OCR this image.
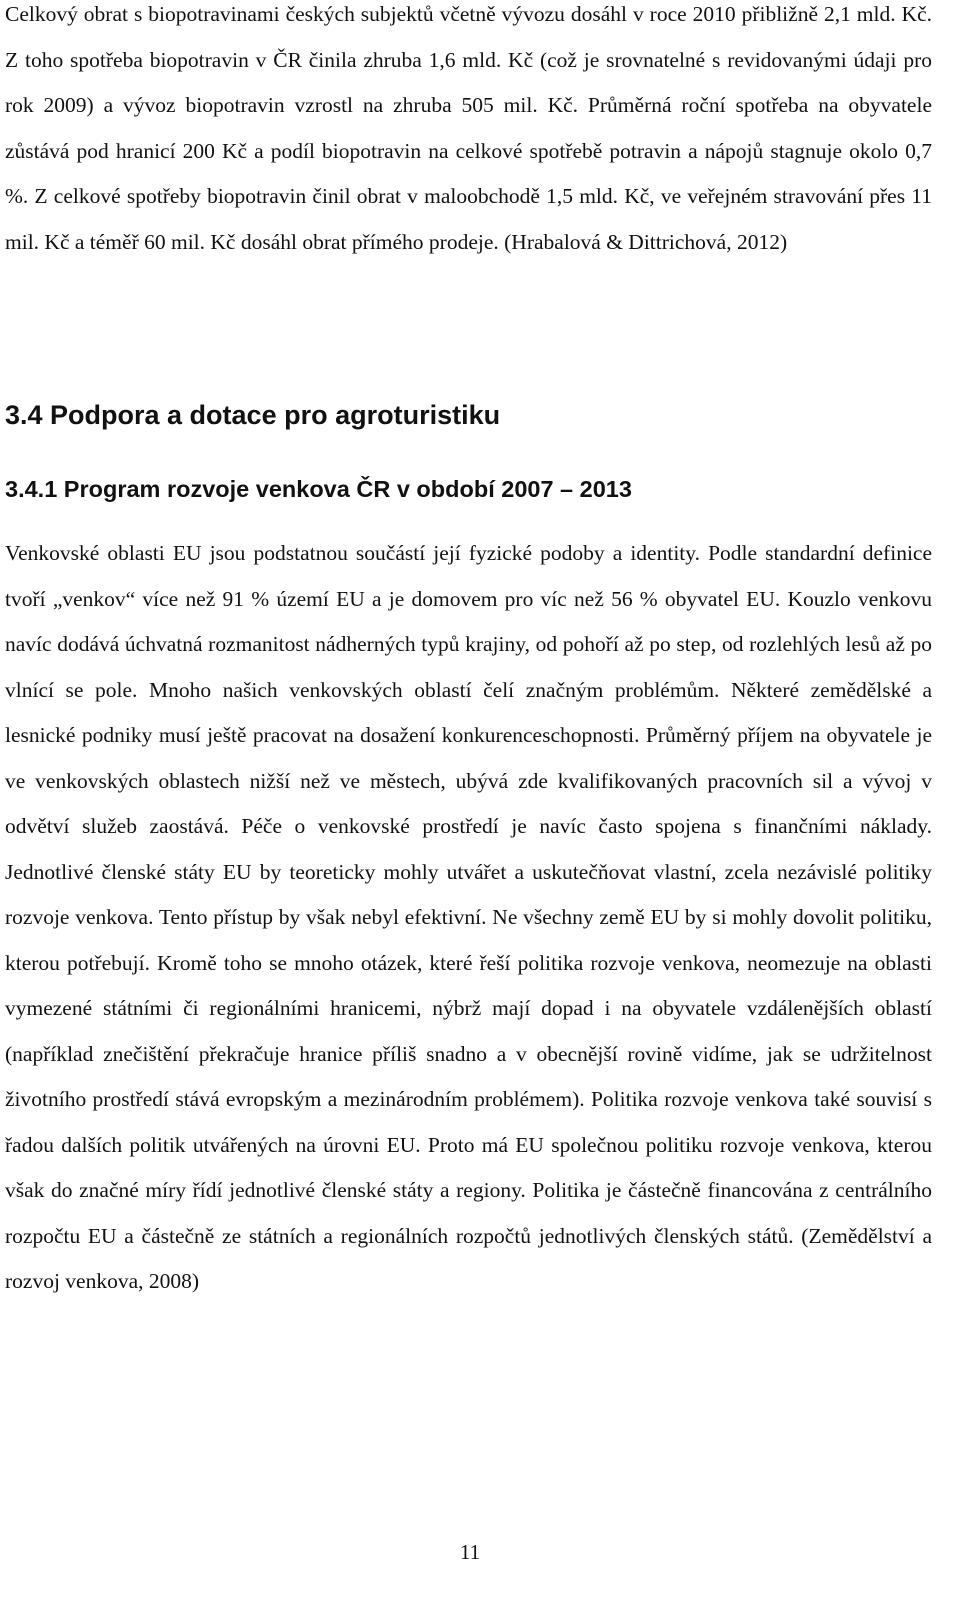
Celkový obrat s biopotravinami českých subjektů včetně vývozu dosáhl v roce 2010 přibližně 2,1 mld. Kč. Z toho spotřeba biopotravin v ČR činila zhruba 1,6 mld. Kč (což je srovnatelné s revidovanými údaji pro rok 2009) a vývoz biopotravin vzrostl na zhruba 505 mil. Kč. Průměrná roční spotřeba na obyvatele zůstává pod hranicí 200 Kč a podíl biopotravin na celkové spotřebě potravin a nápojů stagnuje okolo 0,7 %. Z celkové spotřeby biopotravin činil obrat v maloobchodě 1,5 mld. Kč, ve veřejném stravování přes 11 mil. Kč a téměř 60 mil. Kč dosáhl obrat přímého prodeje. (Hrabalová & Dittrichová, 2012)

3.4 Podpora a dotace pro agroturistiku
3.4.1 Program rozvoje venkova ČR v období 2007 – 2013

Venkovské oblasti EU jsou podstatnou součástí její fyzické podoby a identity. Podle standardní definice tvoří „venkov“ více než 91 % území EU a je domovem pro víc než 56 % obyvatel EU. Kouzlo venkovu navíc dodává úchvatná rozmanitost nádherných typů krajiny, od pohoří až po step, od rozlehlých lesů až po vlnící se pole. Mnoho našich venkovských oblastí čelí značným problémům. Některé zemědělské a lesnické podniky musí ještě pracovat na dosažení konkurenceschopnosti. Průměrný příjem na obyvatele je ve venkovských oblastech nižší než ve městech, ubývá zde kvalifikovaných pracovních sil a vývoj v odvětví služeb zaostává. Péče o venkovské prostředí je navíc často spojena s finančními náklady. Jednotlivé členské státy EU by teoreticky mohly utvářet a uskutečňovat vlastní, zcela nezávislé politiky rozvoje venkova. Tento přístup by však nebyl efektivní. Ne všechny země EU by si mohly dovolit politiku, kterou potřebují. Kromě toho se mnoho otázek, které řeší politika rozvoje venkova, neomezuje na oblasti vymezené státními či regionálními hranicemi, nýbrž mají dopad i na obyvatele vzdálenějších oblastí (například znečištění překračuje hranice příliš snadno a v obecnější rovině vidíme, jak se udržitelnost životního prostředí stává evropským a mezinárodním problémem). Politika rozvoje venkova také souvisí s řadou dalších politik utvářených na úrovni EU. Proto má EU společnou politiku rozvoje venkova, kterou však do značné míry řídí jednotlivé členské státy a regiony. Politika je částečně financována z centrálního rozpočtu EU a částečně ze státních a regionálních rozpočtů jednotlivých členských států. (Zemědělství a rozvoj venkova, 2008)

11
